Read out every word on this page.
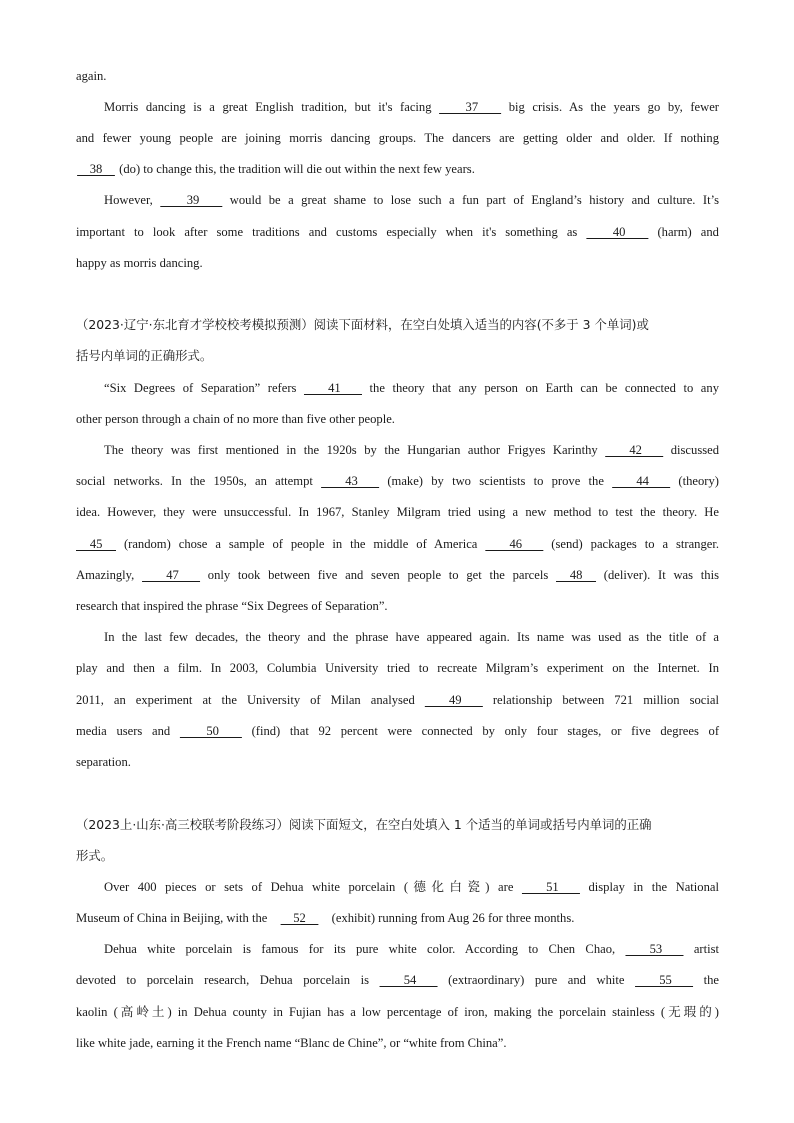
again.
Morris dancing is a great English tradition, but it's facing     37     big crisis. As the years go by, fewer
and fewer young people are joining morris dancing groups. The dancers are getting older and older. If nothing
38     (do) to change this, the tradition will die out within the next few years.
However,     39     would be a great shame to lose such a fun part of England’s history and culture. It’s
important to look after some traditions and customs especially when it's something as     40     (harm) and
happy as morris dancing.
（2023·辽宁·东北育才学校校考模拟预测）阅读下面材料，在空白处填入适当的内容(不多于 3 个单词)或
括号内单词的正确形式。
“Six Degrees of Separation” refers     41     the theory that any person on Earth can be connected to any
other person through a chain of no more than five other people.
The theory was first mentioned in the 1920s by the Hungarian author Frigyes Karinthy     42     discussed
social networks. In the 1950s, an attempt     43     (make) by two scientists to prove the     44     (theory)
idea. However, they were unsuccessful. In 1967, Stanley Milgram tried using a new method to test the theory. He
45     (random) chose a sample of people in the middle of America     46     (send) packages to a stranger.
Amazingly,     47     only took between five and seven people to get the parcels     48     (deliver). It was this
research that inspired the phrase “Six Degrees of Separation”.
In the last few decades, the theory and the phrase have appeared again. Its name was used as the title of a
play and then a film. In 2003, Columbia University tried to recreate Milgram’s experiment on the Internet. In
2011, an experiment at the University of Milan analysed     49     relationship between 721 million social
media users and     50     (find) that 92 percent were connected by only four stages, or five degrees of
separation.
（2023上·山东·高三校联考阶段练习）阅读下面短文，在空白处填入 1 个适当的单词或括号内单词的正确
形式。
Over 400 pieces or sets of Dehua white porcelain (德化白瓷) are     51     display in the National
Museum of China in Beijing, with the     52     (exhibit) running from Aug 26 for three months.
Dehua white porcelain is famous for its pure white color. According to Chen Chao,     53     artist
devoted to porcelain research, Dehua porcelain is     54     (extraordinary) pure and white     55     the
kaolin (高岭土) in Dehua county in Fujian has a low percentage of iron, making the porcelain stainless (无瑕的)
like white jade, earning it the French name “Blanc de Chine”, or “white from China”.
